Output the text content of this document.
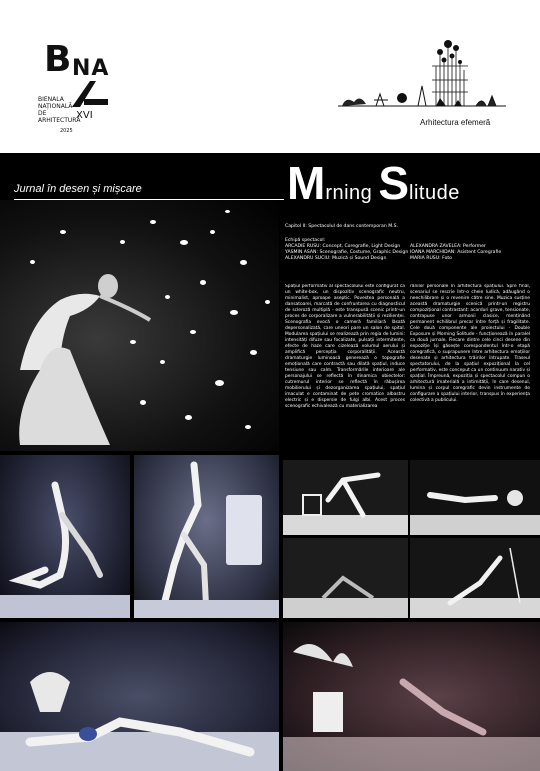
B NA
BIENALA
NAȚIONALĂ
DE
ARHITECTURĂ
XVI
2025
Arhitectura efemeră
Jurnal în desen și mișcare	Mrning Slitude

Capitol II: Spectacolul de dans contemporan M.S.

Echipă spectacol:
ARCADIE RUSU: Concept, Coregrafie, Light Design
YASMIN ASAN: Scenografie, Costume, Graphic Design
ALEXANDRU SUCIU: Muzică și Sound Design
ALEXANDRA ZAVELEA: Performer
IOANA MARCHIDAN: Asistent Coregrafie
MARIA RUSU: Foto
Spațiul performativ al spectacolului este configurat ca un white-box, un dispozitiv scenografic neutru, minimalist, aproape aseptic. Povestea personală a dansatoarei, marcată de confruntarea cu diagnosticul de scleroză multiplă - este transpusă scenic printr-un proces de corporalizare a vulnerabilității și rezilienței. Scenografia evocă o cameră familiară lăsată depersonalizată, care uneori pare un salon de spital. Modularea spațiului se realizează prin regia de lumini: intensități difuze sau focalizate, pulsații intermitente, efecte de haze care cizelează volumul aerului și amplifică percepția corporalității. Această dramaturgie luminoasă generează o topografie emoțională care contractă sau dilată spațiul, induce tensiune sau calm. Transformările interioare ale personajului se reflectă în dinamica obiectelor: cutremurul interior se reflectă în răbușirea mobilierului și dezorganizarea spațiului, spațiul imaculat e contaminat de pete cromatice albastru electric și e dispersie de fulgi albi. Acest proces scenografic echivalează cu materializarea
rănilor personale în arhitectura spațiului. Spre final, scenariul se rescrie într-o cheie ludică, adăugând o neechilibrare și o revenire către sine. Muzica susține această dramaturgie scenică printr-un registru compozițional contrastant: acorduri grave, tensionate, contrapuse unor armonii clasice, menținând permanent echilibrul precar între forță și fragilitate. Cele două componente ale proiectului - Double Exposure și Morning Solitude - funcționează în paralel ca două jurnale. Fiecare dintre cele cinci desene din expoziție își găsește corespondentul într-o etapă coregrafică, o suprapunere între arhitectura emoțiilor desenate și arhitectura trăirilor întrupate. Traseul spectatorului, de la spațiul expozițional la cel performativ, este conceput ca un continuum narativ și spațial. Împreună, expoziția și spectacolul compun o arhitectură imaterială a intimității, în care desenul, lumina și corpul coregrafic devin instrumente de configurare a spațiului interior, transpus în experiența colectivă a publicului.
